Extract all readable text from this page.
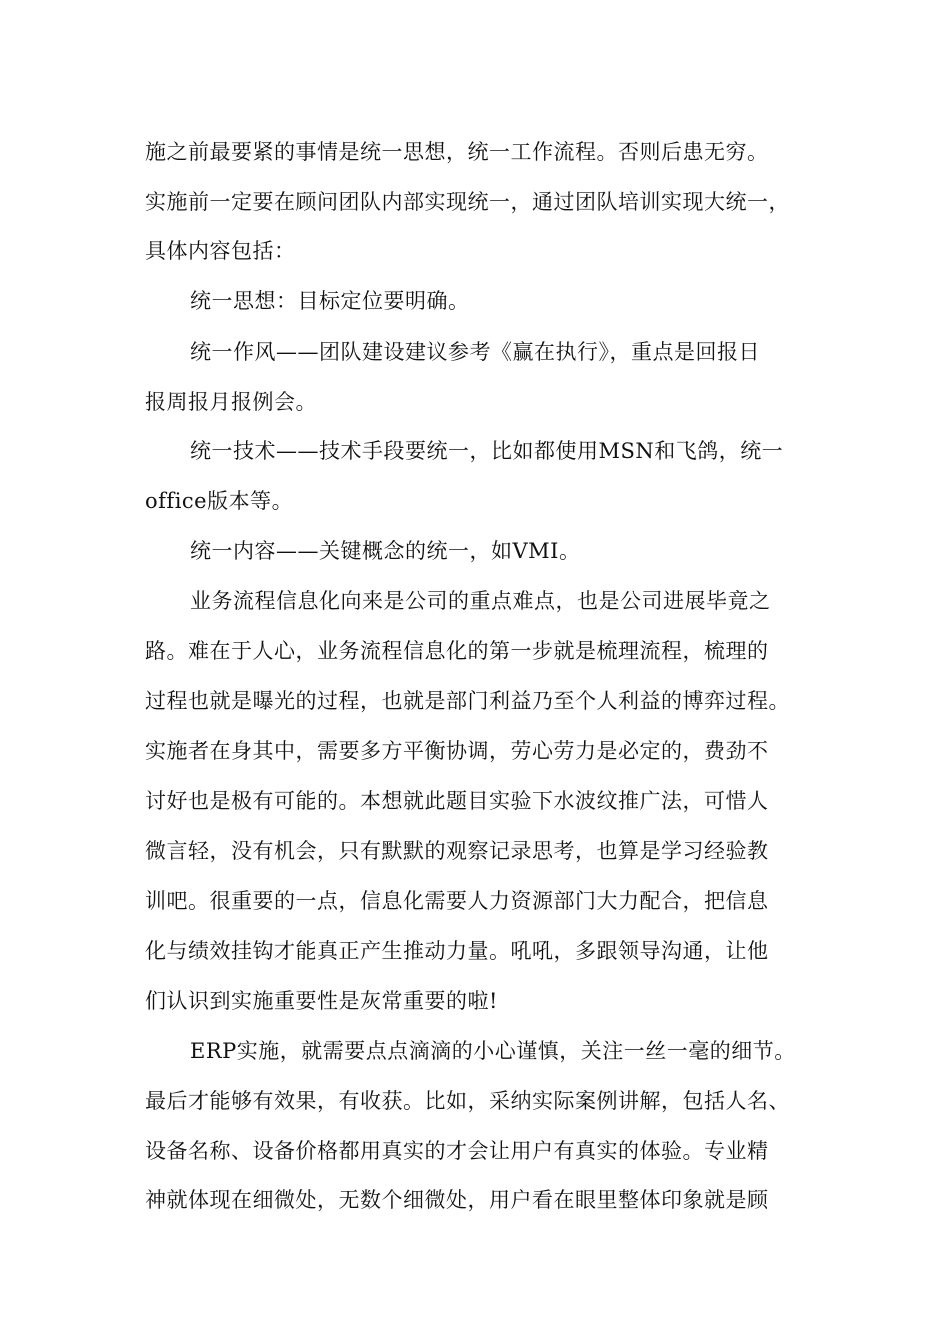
施之前最要紧的事情是统一思想，统一工作流程。否则后患无穷。
实施前一定要在顾问团队内部实现统一，通过团队培训实现大统一，
具体内容包括：
统一思想：目标定位要明确。
统一作风——团队建设建议参考《赢在执行》，重点是回报日
报周报月报例会。
统一技术——技术手段要统一，比如都使用MSN和飞鸽，统一
office版本等。
统一内容——关键概念的统一，如VMI。
业务流程信息化向来是公司的重点难点，也是公司进展毕竟之
路。难在于人心，业务流程信息化的第一步就是梳理流程，梳理的
过程也就是曝光的过程，也就是部门利益乃至个人利益的博弈过程。
实施者在身其中，需要多方平衡协调，劳心劳力是必定的，费劲不
讨好也是极有可能的。本想就此题目实验下水波纹推广法，可惜人
微言轻，没有机会，只有默默的观察记录思考，也算是学习经验教
训吧。很重要的一点，信息化需要人力资源部门大力配合，把信息
化与绩效挂钩才能真正产生推动力量。吼吼，多跟领导沟通，让他
们认识到实施重要性是灰常重要的啦!
ERP实施，就需要点点滴滴的小心谨慎，关注一丝一毫的细节。
最后才能够有效果，有收获。比如，采纳实际案例讲解，包括人名、
设备名称、设备价格都用真实的才会让用户有真实的体验。专业精
神就体现在细微处，无数个细微处，用户看在眼里整体印象就是顾
